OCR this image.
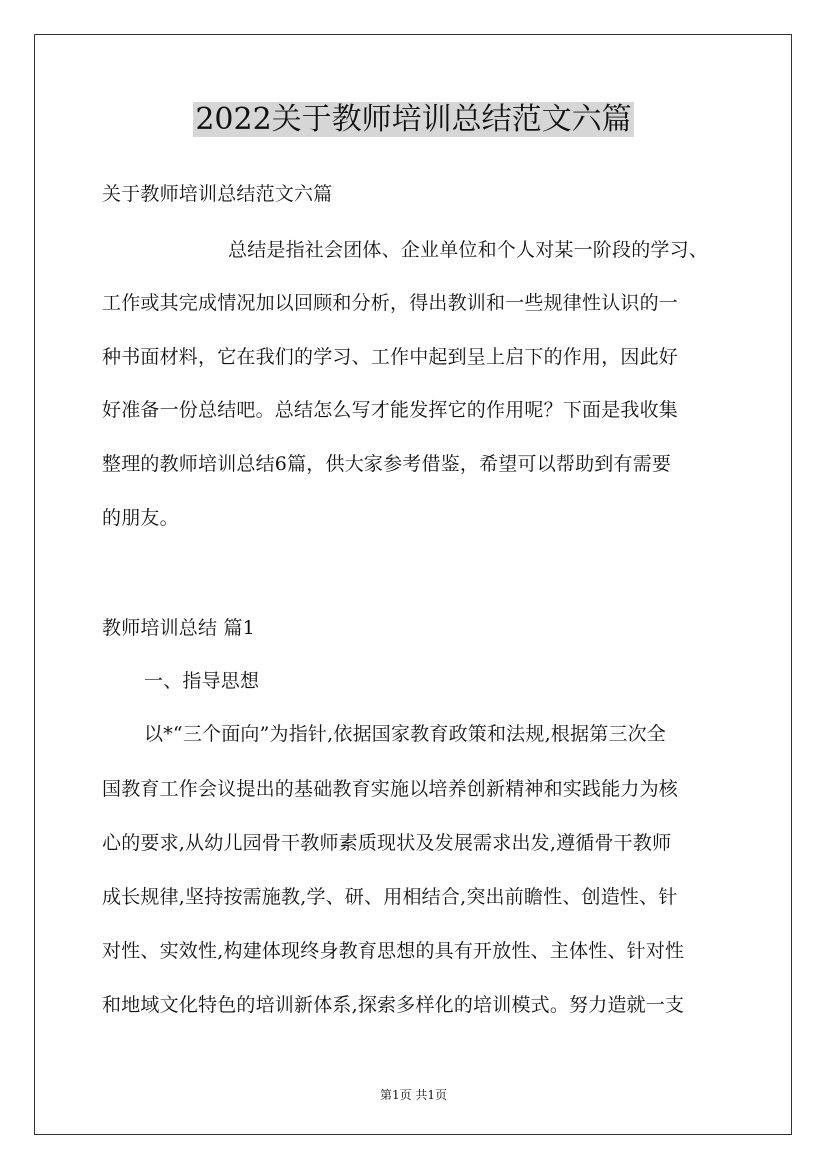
2022关于教师培训总结范文六篇
关于教师培训总结范文六篇
总结是指社会团体、企业单位和个人对某一阶段的学习、
工作或其完成情况加以回顾和分析，得出教训和一些规律性认识的一
种书面材料，它在我们的学习、工作中起到呈上启下的作用，因此好
好准备一份总结吧。总结怎么写才能发挥它的作用呢？下面是我收集
整理的教师培训总结6篇，供大家参考借鉴，希望可以帮助到有需要
的朋友。
教师培训总结 篇1
一、指导思想
以*“三个面向”为指针,依据国家教育政策和法规,根据第三次全
国教育工作会议提出的基础教育实施以培养创新精神和实践能力为核
心的要求,从幼儿园骨干教师素质现状及发展需求出发,遵循骨干教师
成长规律,坚持按需施教,学、研、用相结合,突出前瞻性、创造性、针
对性、实效性,构建体现终身教育思想的具有开放性、主体性、针对性
和地域文化特色的培训新体系,探索多样化的培训模式。努力造就一支
第1页 共1页
